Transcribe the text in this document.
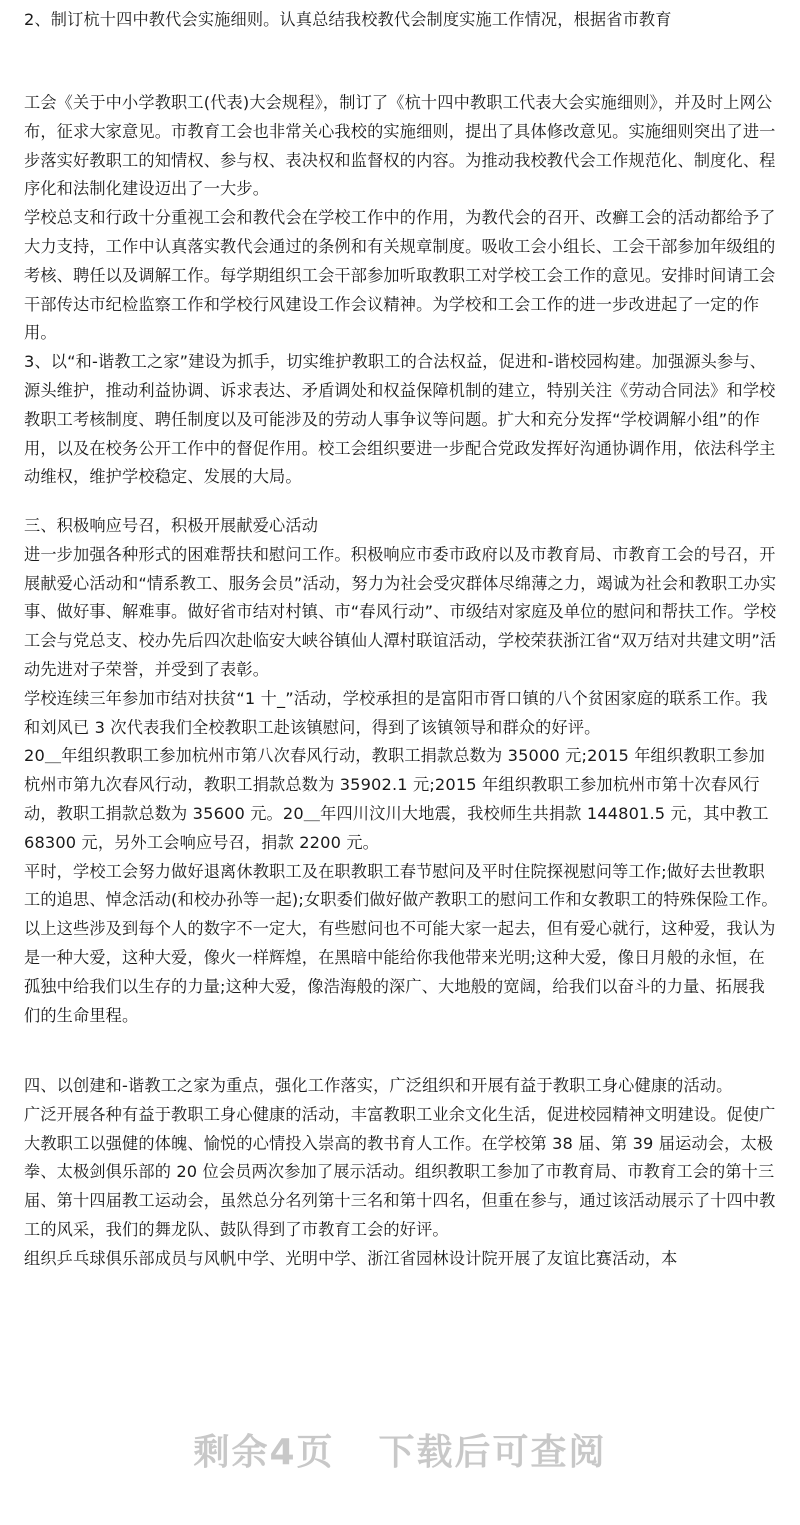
2、制订杭十四中教代会实施细则。认真总结我校教代会制度实施工作情况，根据省市教育

工会《关于中小学教职工(代表)大会规程》，制订了《杭十四中教职工代表大会实施细则》，并及时上网公布，征求大家意见。市教育工会也非常关心我校的实施细则，提出了具体修改意见。实施细则突出了进一步落实好教职工的知情权、参与权、表决权和监督权的内容。为推动我校教代会工作规范化、制度化、程序化和法制化建设迈出了一大步。

学校总支和行政十分重视工会和教代会在学校工作中的作用，为教代会的召开、改癣工会的活动都给予了大力支持，工作中认真落实教代会通过的条例和有关规章制度。吸收工会小组长、工会干部参加年级组的考核、聘任以及调解工作。每学期组织工会干部参加听取教职工对学校工会工作的意见。安排时间请工会干部传达市纪检监察工作和学校行风建设工作会议精神。为学校和工会工作的进一步改进起了一定的作用。

3、以“和-谐教工之家”建设为抓手，切实维护教职工的合法权益，促进和-谐校园构建。加强源头参与、源头维护，推动利益协调、诉求表达、矛盾调处和权益保障机制的建立，特别关注《劳动合同法》和学校教职工考核制度、聘任制度以及可能涉及的劳动人事争议等问题。扩大和充分发挥“学校调解小组”的作用，以及在校务公开工作中的督促作用。校工会组织要进一步配合党政发挥好沟通协调作用，依法科学主动维权，维护学校稳定、发展的大局。

三、积极响应号召，积极开展献爱心活动

进一步加强各种形式的困难帮扶和慰问工作。积极响应市委市政府以及市教育局、市教育工会的号召，开展献爱心活动和“情系教工、服务会员”活动，努力为社会受灾群体尽绵薄之力，竭诚为社会和教职工办实事、做好事、解难事。做好省市结对村镇、市“春风行动”、市级结对家庭及单位的慰问和帮扶工作。学校工会与党总支、校办先后四次赴临安大峡谷镇仙人潭村联谊活动，学校荣获浙江省“双万结对共建文明”活动先进对子荣誉，并受到了表彰。

学校连续三年参加市结对扶贫“1 十_”活动，学校承担的是富阳市胥口镇的八个贫困家庭的联系工作。我和刘风已 3 次代表我们全校教职工赴该镇慰问，得到了该镇领导和群众的好评。

20＿年组织教职工参加杭州市第八次春风行动，教职工捐款总数为 35000 元;2015 年组织教职工参加杭州市第九次春风行动，教职工捐款总数为 35902.1 元;2015 年组织教职工参加杭州市第十次春风行动，教职工捐款总数为 35600 元。20＿年四川汶川大地震，我校师生共捐款 144801.5 元，其中教工 68300 元，另外工会响应号召，捐款 2200 元。

平时，学校工会努力做好退离休教职工及在职教职工春节慰问及平时住院探视慰问等工作;做好去世教职工的追思、悼念活动(和校办孙等一起);女职委们做好做产教职工的慰问工作和女教职工的特殊保险工作。

以上这些涉及到每个人的数字不一定大，有些慰问也不可能大家一起去，但有爱心就行，这种爱，我认为是一种大爱，这种大爱，像火一样辉煌，在黑暗中能给你我他带来光明;这种大爱，像日月般的永恒，在孤独中给我们以生存的力量;这种大爱，像浩海般的深广、大地般的宽阔，给我们以奋斗的力量、拓展我们的生命里程。

四、以创建和-谐教工之家为重点，强化工作落实，广泛组织和开展有益于教职工身心健康的活动。

广泛开展各种有益于教职工身心健康的活动，丰富教职工业余文化生活，促进校园精神文明建设。促使广大教职工以强健的体魄、愉悦的心情投入崇高的教书育人工作。在学校第 38 届、第 39 届运动会，太极拳、太极剑俱乐部的 20 位会员两次参加了展示活动。组织教职工参加了市教育局、市教育工会的第十三届、第十四届教工运动会，虽然总分名列第十三名和第十四名，但重在参与，通过该活动展示了十四中教工的风采，我们的舞龙队、鼓队得到了市教育工会的好评。

组织乒乓球俱乐部成员与风帆中学、光明中学、浙江省园林设计院开展了友谊比赛活动，本

剩余4页 下载后可查阅
